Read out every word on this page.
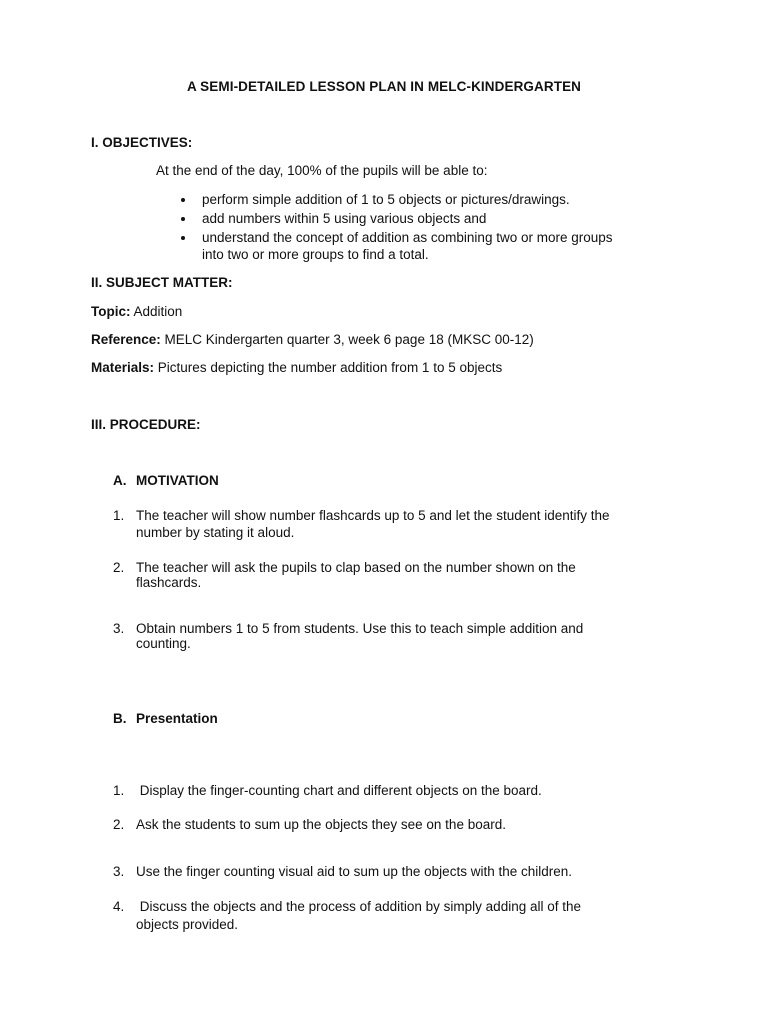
A SEMI-DETAILED LESSON PLAN IN MELC-KINDERGARTEN

I. OBJECTIVES:

At the end of the day, 100% of the pupils will be able to:

perform simple addition of 1 to 5 objects or pictures/drawings.

add numbers within 5 using various objects and

understand the concept of addition as combining two or more groups

into two or more groups to find a total.

II. SUBJECT MATTER:

Topic: Addition

Reference: MELC Kindergarten quarter 3, week 6 page 18 (MKSC 00-12)

Materials: Pictures depicting the number addition from 1 to 5 objects

III. PROCEDURE:

A. MOTIVATION

1. The teacher will show number flashcards up to 5 and let the student identify the

number by stating it aloud.

2. The teacher will ask the pupils to clap based on the number shown on the

flashcards.

3. Obtain numbers 1 to 5 from students. Use this to teach simple addition and

counting.

B. Presentation

1. Display the finger-counting chart and different objects on the board.

2. Ask the students to sum up the objects they see on the board.

3. Use the finger counting visual aid to sum up the objects with the children.

4. Discuss the objects and the process of addition by simply adding all of the

objects provided.
